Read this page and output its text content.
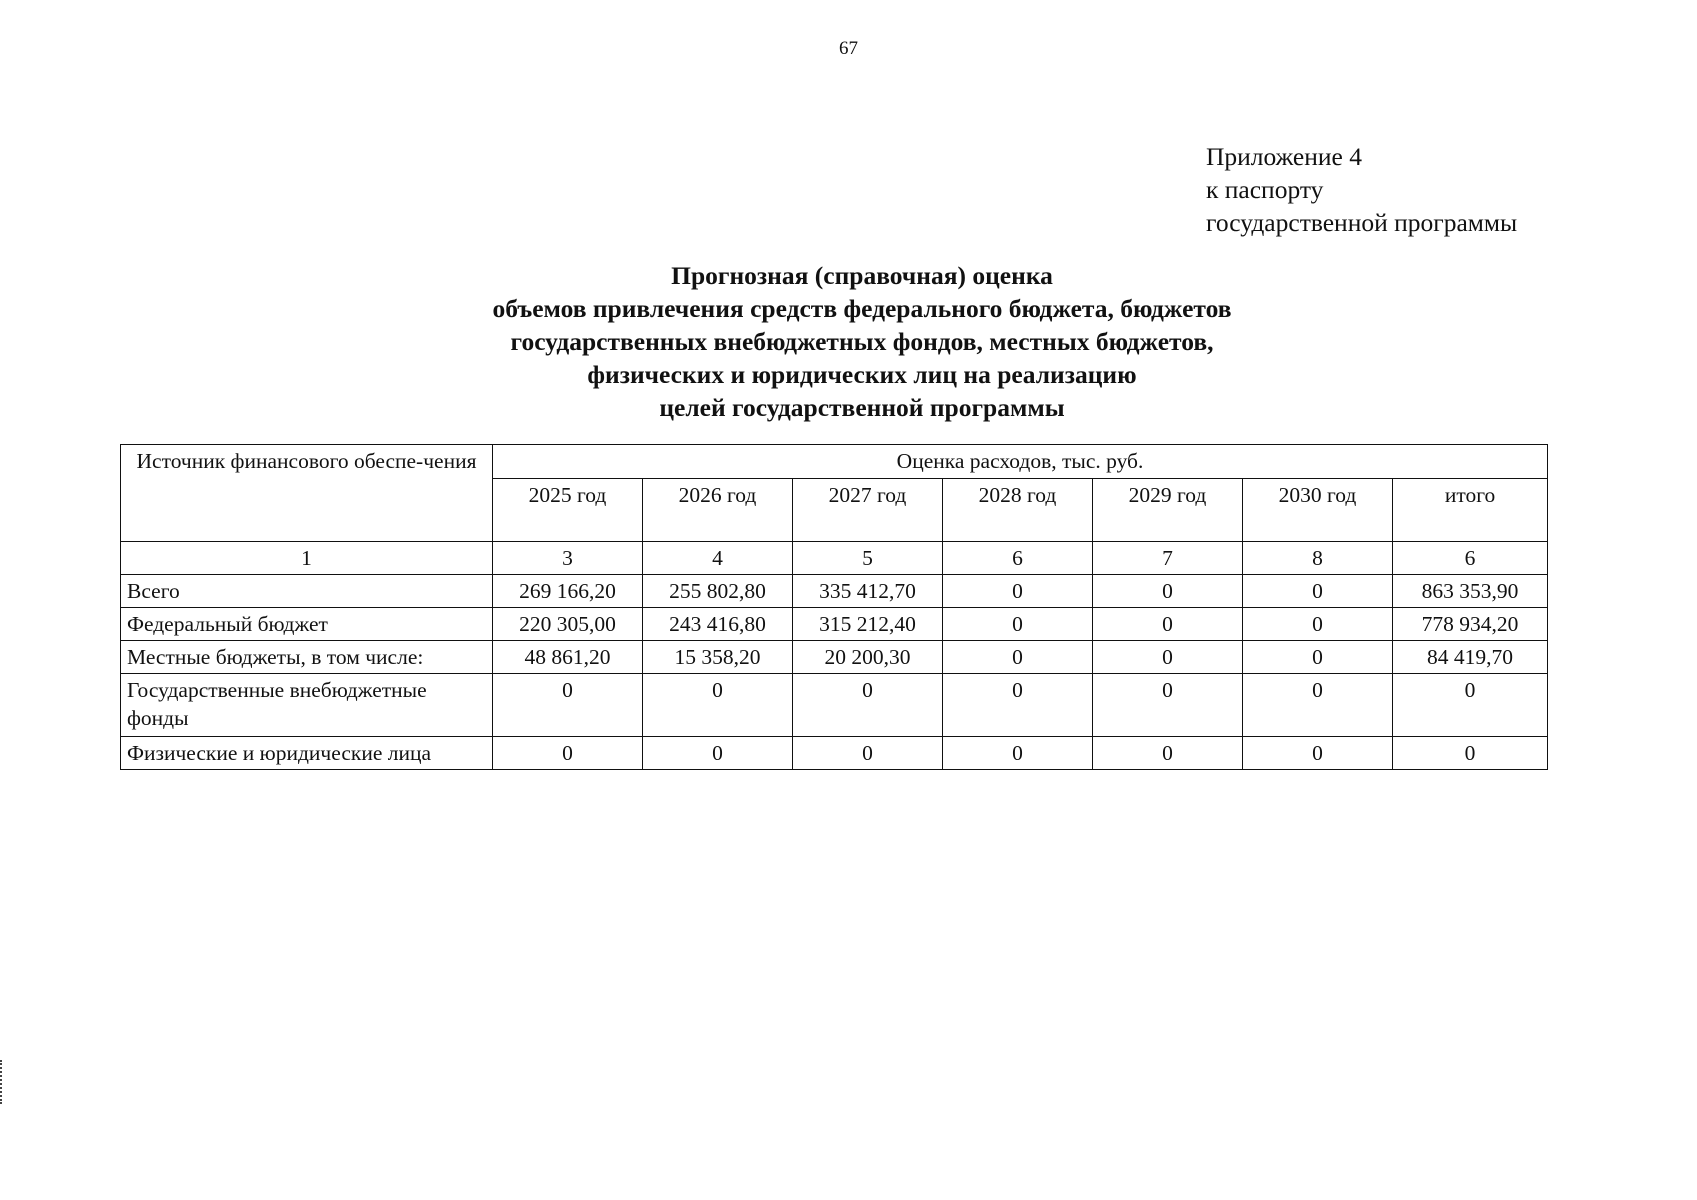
67
Приложение 4
к паспорту
государственной программы
Прогнозная (справочная) оценка
объемов привлечения средств федерального бюджета, бюджетов
государственных внебюджетных фондов, местных бюджетов,
физических и юридических лиц на реализацию
целей государственной программы
Источник финансового обеспе-чения	Оценка расходов, тыс. руб.						
	2025 год	2026 год	2027 год	2028 год	2029 год	2030 год	итого
1	3	4	5	6	7	8	6
Всего	269 166,20	255 802,80	335 412,70	0	0	0	863 353,90
Федеральный бюджет	220 305,00	243 416,80	315 212,40	0	0	0	778 934,20
Местные бюджеты, в том числе:	48 861,20	15 358,20	20 200,30	0	0	0	84 419,70
Государственные внебюджетные фонды	0	0	0	0	0	0	0
Физические и юридические лица	0	0	0	0	0	0	0
